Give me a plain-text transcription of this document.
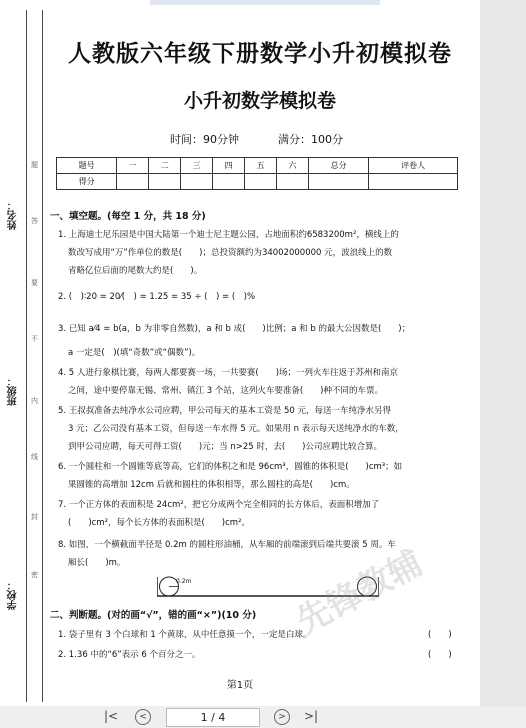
姓名：
班级：
学校：
题
答
要
不
内
线
封
密
人教版六年级下册数学小升初模拟卷
小升初数学模拟卷
时间：90分钟	满分：100分
题号	一	二	三	四	五	六	总分	评卷人
得分								
一、填空题。(每空 1 分，共 18 分)
1. 上海迪士尼乐园是中国大陆第一个迪士尼主题公园，占地面积约6583200m²，横线上的
数改写成用“万”作单位的数是(　　)；总投资额约为34002000000 元，波浪线上的数
省略亿位后面的尾数大约是(　　)。
2. (　)∶20 = 20⁄(　) = 1.25 = 35 ÷ (　) = (　)%
3. 已知 a⁄4 = b(a，b 为非零自然数)，a 和 b 成(　　)比例；a 和 b 的最大公因数是(　　)；
a 一定是(　)(填“奇数”或“偶数”)。
4. 5 人进行象棋比赛，每两人都要赛一场，一共要赛(　　)场；一列火车往返于苏州和南京
之间，途中要停靠无锡、常州、镇江 3 个站，这列火车要准备(　　)种不同的车票。
5. 王叔叔准备去纯净水公司应聘，甲公司每天的基本工资是 50 元，每送一车纯净水另得
3 元；乙公司没有基本工资，但每送一车水得 5 元。如果用 n 表示每天送纯净水的车数，
到甲公司应聘，每天可得工资(　　)元；当 n>25 时，去(　　)公司应聘比较合算。
6. 一个圆柱和一个圆锥等底等高，它们的体积之和是 96cm³，圆锥的体积是(　　)cm³；如
果圆锥的高增加 12cm 后就和圆柱的体积相等，那么圆柱的高是(　　)cm。
7. 一个正方体的表面积是 24cm²，把它分成两个完全相同的长方体后，表面积增加了
(　　)cm²，每个长方体的表面积是(　　)cm²。
8. 如图，一个横截面半径是 0.2m 的圆柱形油桶，从车厢的前端滚到后端共要滚 5 周。车
厢长(　　)m。
0.2m
二、判断题。(对的画“√”，错的画“×”)(10 分)
1. 袋子里有 3 个白球和 1 个黄球，从中任意摸一个，一定是白球。	(　　)
2. 1.36 中的“6”表示 6 个百分之一。	(　　)
先锋教辅
第1页
|<	<	1 / 4	>	>|
